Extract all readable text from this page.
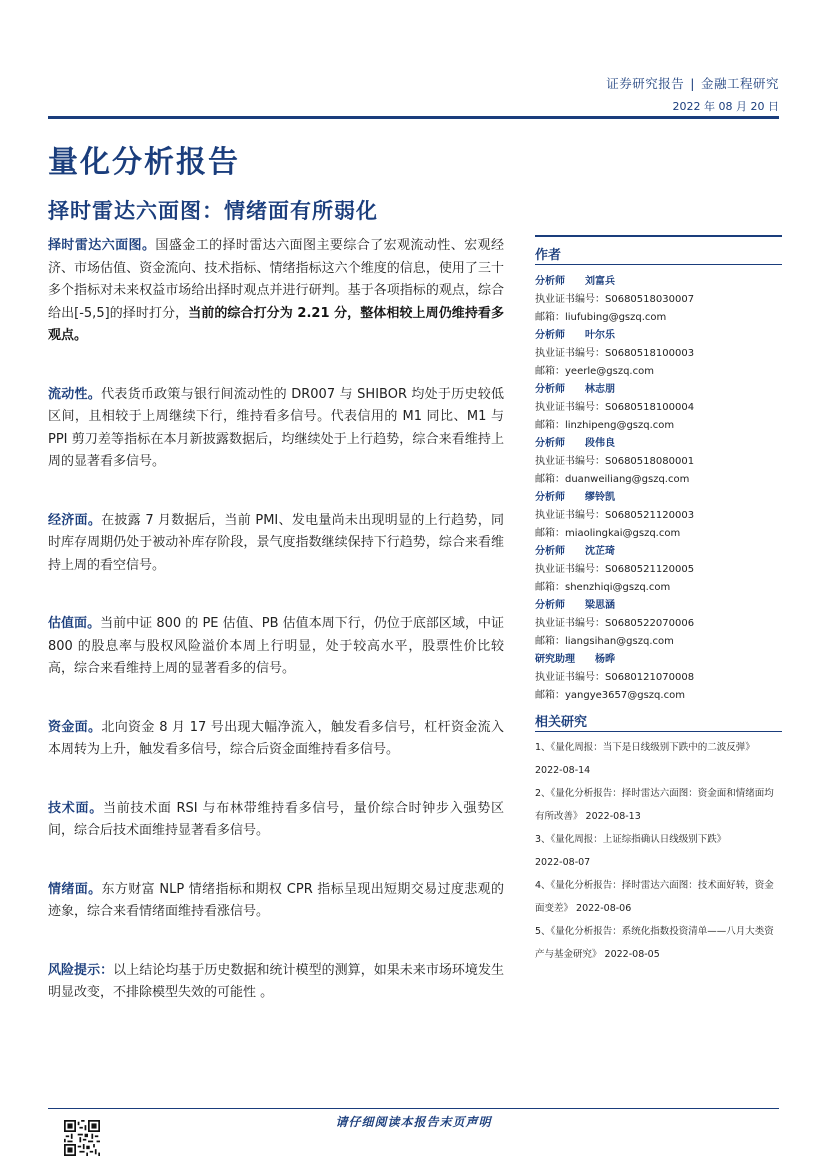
证券研究报告 | 金融工程研究
2022 年 08 月 20 日
量化分析报告
择时雷达六面图：情绪面有所弱化

择时雷达六面图。国盛金工的择时雷达六面图主要综合了宏观流动性、宏观经济、市场估值、资金流向、技术指标、情绪指标这六个维度的信息，使用了三十多个指标对未来权益市场给出择时观点并进行研判。基于各项指标的观点，综合给出[-5,5]的择时打分，当前的综合打分为 2.21 分，整体相较上周仍维持看多观点。

流动性。代表货币政策与银行间流动性的 DR007 与 SHIBOR 均处于历史较低区间，且相较于上周继续下行，维持看多信号。代表信用的 M1 同比、M1 与 PPI 剪刀差等指标在本月新披露数据后，均继续处于上行趋势，综合来看维持上周的显著看多信号。

经济面。在披露 7 月数据后，当前 PMI、发电量尚未出现明显的上行趋势，同时库存周期仍处于被动补库存阶段，景气度指数继续保持下行趋势，综合来看维持上周的看空信号。

估值面。当前中证 800 的 PE 估值、PB 估值本周下行，仍位于底部区域，中证 800 的股息率与股权风险溢价本周上行明显，处于较高水平，股票性价比较高，综合来看维持上周的显著看多的信号。

资金面。北向资金 8 月 17 号出现大幅净流入，触发看多信号，杠杆资金流入本周转为上升，触发看多信号，综合后资金面维持看多信号。

技术面。当前技术面 RSI 与布林带维持看多信号，量价综合时钟步入强势区间，综合后技术面维持显著看多信号。

情绪面。东方财富 NLP 情绪指标和期权 CPR 指标呈现出短期交易过度悲观的迹象，综合来看情绪面维持看涨信号。

风险提示：以上结论均基于历史数据和统计模型的测算，如果未来市场环境发生明显改变，不排除模型失效的可能性 。

作者
分析师 刘富兵
执业证书编号：S0680518030007
邮箱：liufubing@gszq.com
分析师 叶尔乐
执业证书编号：S0680518100003
邮箱：yeerle@gszq.com
分析师 林志朋
执业证书编号：S0680518100004
邮箱：linzhipeng@gszq.com
分析师 段伟良
执业证书编号：S0680518080001
邮箱：duanweiliang@gszq.com
分析师 缪铃凯
执业证书编号：S0680521120003
邮箱：miaolingkai@gszq.com
分析师 沈芷琦
执业证书编号：S0680521120005
邮箱：shenzhiqi@gszq.com
分析师 梁思涵
执业证书编号：S0680522070006
邮箱：liangsihan@gszq.com
研究助理 杨晔
执业证书编号：S0680121070008
邮箱：yangye3657@gszq.com
相关研究
1、《量化周报：当下是日线级别下跌中的二波反弹》
2022-08-14
2、《量化分析报告：择时雷达六面图：资金面和情绪面均有所改善》 2022-08-13
3、《量化周报：上证综指确认日线级别下跌》
2022-08-07
4、《量化分析报告：择时雷达六面图：技术面好转，资金面变差》 2022-08-06
5、《量化分析报告：系统化指数投资清单——八月大类资产与基金研究》 2022-08-05
请仔细阅读本报告末页声明
